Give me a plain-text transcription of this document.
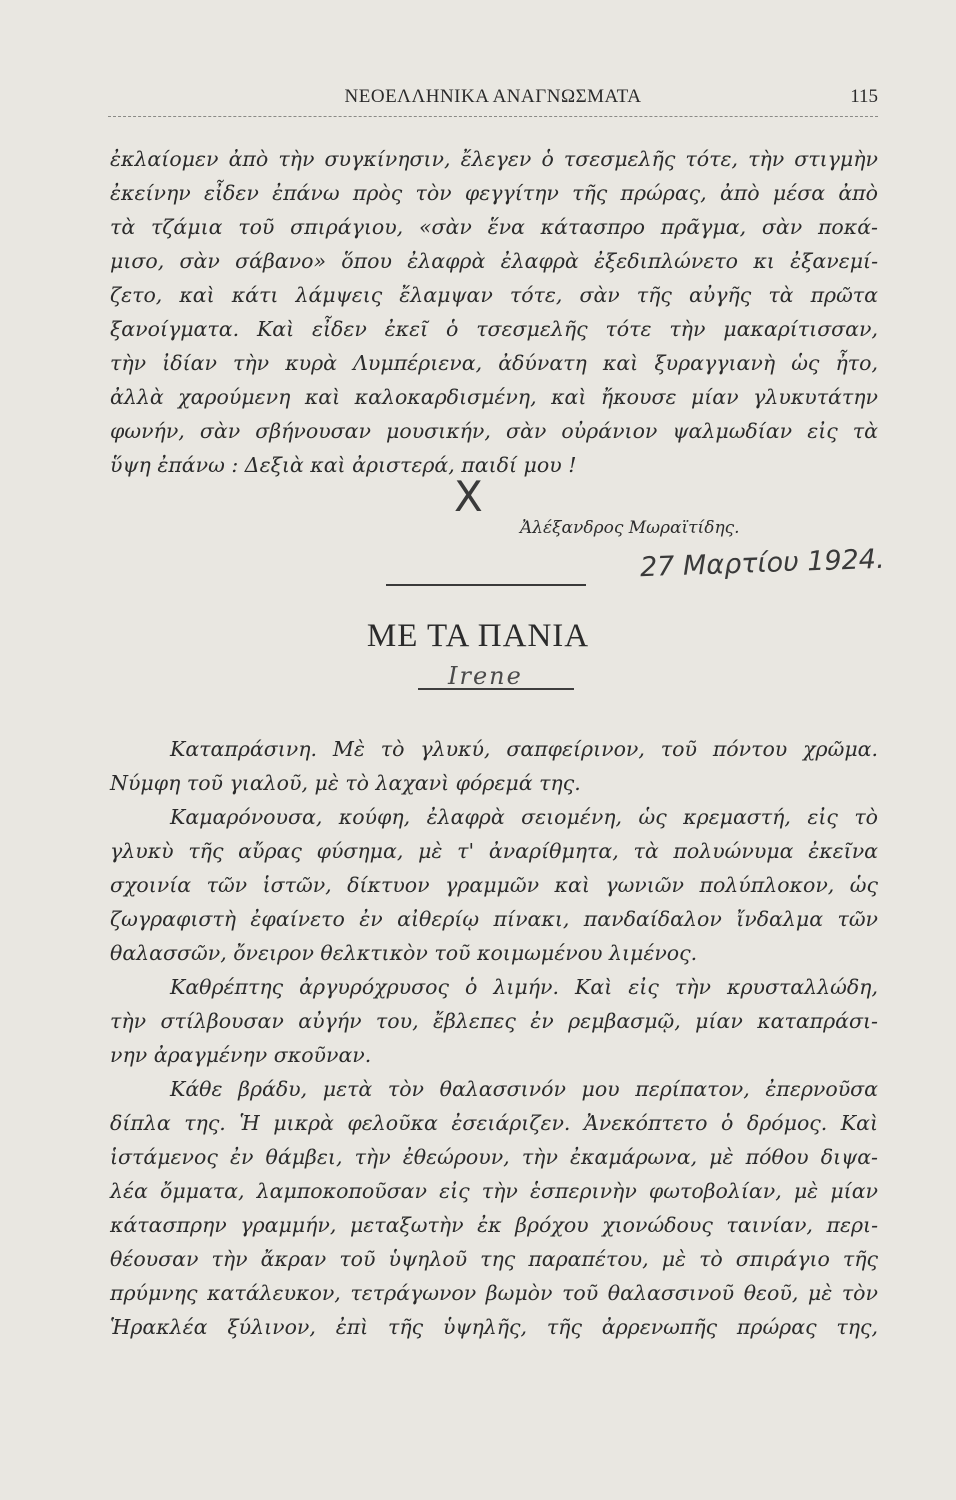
ΝΕΟΕΛΛΗΝΙΚΑ ΑΝΑΓΝΩΣΜΑΤΑ	115
ἐκλαίομεν ἀπὸ τὴν συγκίνησιν, ἔλεγεν ὁ τσεσμελῆς τότε, τὴν στιγμὴν
ἐκείνην εἶδεν ἐπάνω πρὸς τὸν φεγγίτην τῆς πρώρας, ἀπὸ μέσα ἀπὸ
τὰ τζάμια τοῦ σπιράγιου, «σὰν ἕνα κάτασπρο πρᾶγμα, σὰν ποκά-
μισο, σὰν σάβανο» ὅπου ἐλαφρὰ ἐλαφρὰ ἐξεδιπλώνετο κι ἐξανεμί-
ζετο, καὶ κάτι λάμψεις ἔλαμψαν τότε, σὰν τῆς αὐγῆς τὰ πρῶτα
ξανοίγματα. Καὶ εἶδεν ἐκεῖ ὁ τσεσμελῆς τότε τὴν μακαρίτισσαν,
τὴν ἰδίαν τὴν κυρὰ Λυμπέριενα, ἀδύνατη καὶ ξυραγγιανὴ ὡς ἦτο,
ἀλλὰ χαρούμενη καὶ καλοκαρδισμένη, καὶ ἤκουσε μίαν γλυκυτάτην
φωνήν, σὰν σβήνουσαν μουσικήν, σὰν οὐράνιον ψαλμωδίαν εἰς τὰ
ὕψη ἐπάνω : Δεξιὰ καὶ ἀριστερά, παιδί μου !
X
Ἀλέξανδρος Μωραϊτίδης.
27 Μαρτίου 1924.
ΜΕ ΤΑ ΠΑΝΙΑ
Irene
Καταπράσινη. Μὲ τὸ γλυκύ, σαπφείρινον, τοῦ πόντου χρῶμα.
Νύμφη τοῦ γιαλοῦ, μὲ τὸ λαχανὶ φόρεμά της.
Καμαρόνουσα, κούφη, ἐλαφρὰ σειομένη, ὡς κρεμαστή, εἰς τὸ
γλυκὺ τῆς αὔρας φύσημα, μὲ τ' ἀναρίθμητα, τὰ πολυώνυμα ἐκεῖνα
σχοινία τῶν ἱστῶν, δίκτυον γραμμῶν καὶ γωνιῶν πολύπλοκον, ὡς
ζωγραφιστὴ ἐφαίνετο ἐν αἰθερίῳ πίνακι, πανδαίδαλον ἴνδαλμα τῶν
θαλασσῶν, ὄνειρον θελκτικὸν τοῦ κοιμωμένου λιμένος.
Καθρέπτης ἀργυρόχρυσος ὁ λιμήν. Καὶ εἰς τὴν κρυσταλλώδη,
τὴν στίλβουσαν αὐγήν του, ἔβλεπες ἐν ρεμβασμῷ, μίαν καταπράσι-
νην ἀραγμένην σκοῦναν.
Κάθε βράδυ, μετὰ τὸν θαλασσινόν μου περίπατον, ἐπερνοῦσα
δίπλα της. Ἡ μικρὰ φελοῦκα ἐσειάριζεν. Ἀνεκόπτετο ὁ δρόμος. Καὶ
ἱστάμενος ἐν θάμβει, τὴν ἐθεώρουν, τὴν ἐκαμάρωνα, μὲ πόθου διψα-
λέα ὄμματα, λαμποκοποῦσαν εἰς τὴν ἑσπερινὴν φωτοβολίαν, μὲ μίαν
κάτασπρην γραμμήν, μεταξωτὴν ἐκ βρόχου χιονώδους ταινίαν, περι-
θέουσαν τὴν ἄκραν τοῦ ὑψηλοῦ της παραπέτου, μὲ τὸ σπιράγιο τῆς
πρύμνης κατάλευκον, τετράγωνον βωμὸν τοῦ θαλασσινοῦ θεοῦ, μὲ τὸν
Ἡρακλέα ξύλινον, ἐπὶ τῆς ὑψηλῆς, τῆς ἀρρενωπῆς πρώρας της,
